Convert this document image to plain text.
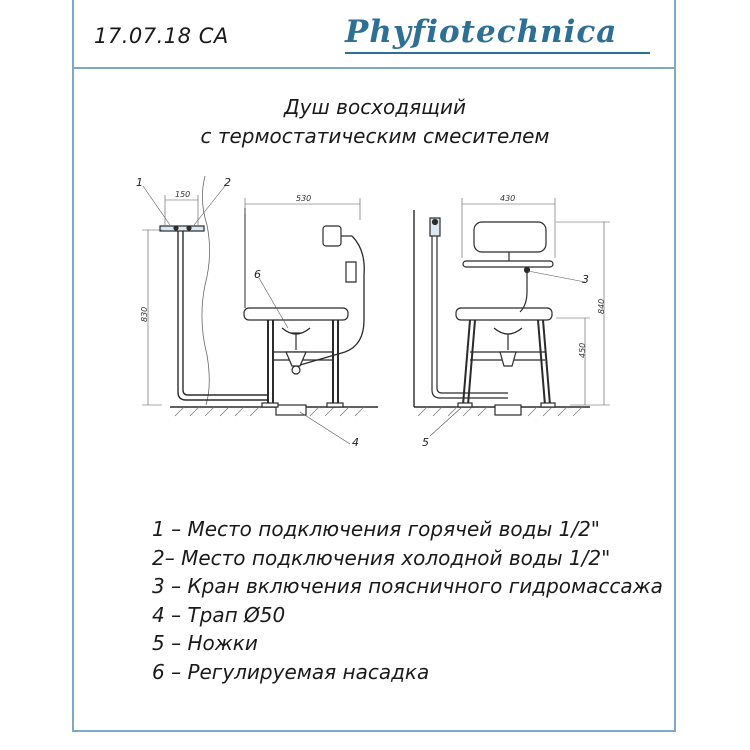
17.07.18 СА	Phyfiotechnica
Душ восходящий
с термостатическим смесителем
150	530
830
1	2
6
4
430
840
450
3
5
1 – Место подключения горячей воды 1/2"
2– Место подключения холодной воды 1/2"
3 – Кран включения поясничного гидромассажа
4 – Трап Ø50
5 – Ножки
6 – Регулируемая насадка
